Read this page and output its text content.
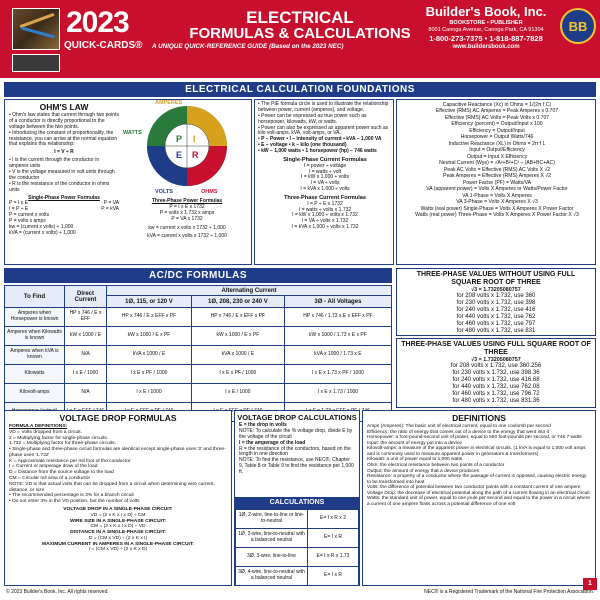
2023
QUICK-CARDS®
ELECTRICAL
FORMULAS & CALCULATIONS
A UNIQUE QUICK-REFERENCE GUIDE (Based on the 2023 NEC)
Builder's Book, Inc.
BOOKSTORE • PUBLISHER
8001 Canoga Avenue, Canoga Park, CA 91304
1-800-273-7375 • 1-818-887-7828
www.buildersbook.com
BB
ELECTRICAL CALCULATION FOUNDATIONS
OHM'S LAW
• Ohm's law states that current through two points of a conductor is directly proportional to the voltage between the two points.
• Introducing the constant of proportionality, the resistance, you can arrive at the normal equation that explains this relationship:
I = V ÷ R
• I is the current through the conductor in amperes units
• V is the voltage measured in volt units through the conductor
• R is the resistance of the conductor in ohms units
Single-Phase Power Formulas
P = I x E	P = VA
I = P ÷ E	P = kVA
P = current x volts
P = volts x amps
kw = (current x volts) ÷ 1,000
kVA = (current x volts) ÷ 1,000
P I
R
E
AMPERES
WATTS
VOLTS	OHMS
Three-Phase Power Formulas
P = I x E x 1732
P = volts x 1.732 x amps
P = VA x 1732
kw = current x volts x 1732 ÷ 1,000
kVA = current x volts x 1732 ÷ 1,000
• The PIE formula circle is used to illustrate the relationship between power, current (amperes), and voltage.
• Power can be expressed as true power such as horsepower, kilowatts, kW, or watts.
• Power can also be expressed as apparent power such as kilo volt-amps, kVA, volt-amps, or VA.
• P – Power • I – intensity of current • kVA – 1,000 VA
• E – voltage • k – kilo (one thousand)
• kW – 1,000 watts • 1 horsepower (hp) – 746 watts
Single-Phase Current Formulas
I = power ÷ voltage
I = watts ÷ volt
I = kW x 1,000 ÷ volts
I = VA ÷ volts
I = kVA x 1,000 ÷ volts
Three-Phase Current Formulas
I = P ÷ E x 1732
I = watts ÷ volts x 1.732
I = kW x 1,000 ÷ volts x 1.732
I = VA ÷ volts x 1.732
I = kVA x 1,000 ÷ volts x 1.732
Capacitive Reactance (Xc) in Ohms = 1/(2π f C)
Effective (RMS) AC Amperes = Peak Amperes x 0.707
Effective (RMS) AC Volts = Peak Volts x 0.707
Efficiency (percent) = Output/Input x 100
Efficiency = Output/Input
Horsepower = Output Watts/746
Inductive Reactance (XL) in Ohms = 2π f L
Input = Output/Efficiency
Output = Input X Efficiency
Neutral Current (Wye) = √A²+B²+C² – (AB+BC+AC)
Peak AC Volts = Effective (RMS) AC Volts X √2
Peak Amperes = Effective (RMS) Amperes X √2
Power Factor (PF) = Watts/VA
VA (apparent power) = Volts X Amperes or Watts/Power Factor
VA 1-Phase = Volts X Amperes
VA 3-Phase = Volts X Amperes X √3
Watts (real power) Single-Phase = Volts X Amperes X Power Factor
Watts (real power) Three-Phase = Volts X Amperes X Power Factor X √3
AC/DC FORMULAS
To Find	Direct Current	Alternating Current		
		1Ø, 115, or 120 V	1Ø, 208, 230 or 240 V	3Ø - All Voltages
Amperes when Horsepower is known	HP x 746 / E x EFF	HP x 746 / E x EFF x PF	HP x 746 / E x EFF x PF	HP x 746 / 1.73 x E x EFF x PF
Amperes when Kilowatts is known	kW x 1000 / E	kW x 1000 / E x PF	kW x 1000 / E x PF	kW x 1000 / 1.73 x E x PF
Amperes when kVA is known	N/A	kVA x 1000 / E	kVA x 1000 / E	kVA x 1000 / 1.73 x E
Kilowatts	I x E / 1000	I x E x PF / 1000	I x E x PF / 1000	I x E x 1.73 x PF / 1000
Kilovolt-amps	N/A	I x E / 1000	I x E / 1000	I x E x 1.73 / 1000

THREE-PHASE VALUES WITHOUT USING FULL SQUARE ROOT OF THREE
√3 = 1.73205080757
for 208 volts x 1.732, use 360
for 230 volts x 1.732, use 398
for 240 volts x 1.732, use 416
for 440 volts x 1.732, use 762
for 460 volts x 1.732, use 797
for 480 volts x 1.732, use 831
THREE-PHASE VALUES USING FULL SQUARE ROOT OF THREE
√3 = 1.73205080757
for 208 volts x 1.732, use 360.256
for 230 volts x 1.732, use 398.36
for 240 volts x 1.732, use 416.68
for 440 volts x 1.732, use 762.08
for 460 volts x 1.732, use 796.72
for 480 volts x 1.732, use 831.36
VOLTAGE DROP FORMULAS
FORMULA DEFINITIONS:
VD = Volts dropped from a circuit.
2 = Multiplying factor for single-phase circuits.
1.732 = Multiplying factor for three-phase circuits.
• Single-phase and three-phase circuit formulas are identical except single-phase uses '2' and three-phase uses '1.732'
K = Approximate resistance per mil foot of the conductor
I = Current or amperage draw of the load
D = Distance from the source voltage to the load
CM = Circular mil area of a conductor
NOTE: VD is that actual volts that can be dropped from a circuit when determining wire current, distance, or size
• The recommended percentage is 3% for a branch circuit
• Do not enter 3% in the VD position, but the number of volts
VOLTAGE DROP IN A SINGLE-PHASE CIRCUIT:
VD = (2 x K x I x D) ÷ CM
WIRE SIZE IN A SINGLE-PHASE CIRCUIT:
CM = (2 x K x I x D) ÷ VD
DISTANCE IN A SINGLE-PHASE CIRCUIT:
D = (CM x VD) ÷ (2 x K x I)
MAXIMUM CURRENT IN AMPERES IN A SINGLE-PHASE CIRCUIT:
I = (CM x VD) ÷ (2 x K x D)
VOLTAGE DROP CALCULATIONS
E = the drop in volts
NOTE: To calculate the % voltage drop, divide E by the voltage of the circuit
I = the amperage of the load
R = the resistance of the conductors, based on the length in one direction
NOTE: To find the resistance, use NEC®, Chapter 9, Table 8 or Table 9 to find the resistance per 1,000 ft.
CALCULATIONS
1Ø, 2-wire, line-to-line or line-to-neutral	E= I x R x 2
1Ø, 3-wire, line-to-neutral with a balanced neutral	E= I x R
3Ø, 3-wire, line-to-line	E= I x R x 1.73
3Ø, 4-wire, line-to-neutral with a balanced neutral	E= I x R
DEFINITIONS
Amps (Amperes): The basic unit of electrical current, equal to one coulomb per second
Efficiency: the ratio of energy that comes out of a device to the energy that went into it
Horsepower: a foot-pound-second unit of power, equal to 550 foot-pounds per second, or 746.7 watts
Input: the amount of energy put into a device
Kilovolt-amps: a measure of the apparent power in electrical circuits. (1 kVA is equal to 1,000 volt amps and is commonly used to measure apparent power in generators & transformers)
Kilowatt: a unit of power equal to 1,000 watts
Ohm: the electrical resistance between two points of a conductor
Output: the amount of energy that a device produces
Resistance: a property of a conductor where the passage of current is opposed, causing electric energy to be transformed into heat
Volts: the difference of potential between two conductor points with a constant current of one ampere
Voltage Drop: the decrease of electrical potential along the path of a current flowing in an electrical circuit
Watts: the standard unit of power, equal to one joule per second and equal to the power in a circuit where a current of one ampere flows across a potential difference of one volt
1
© 2023 Builder's Book, Inc. All rights reserved.	NEC® is a Registered Trademark of the National Fire Protection Association.
